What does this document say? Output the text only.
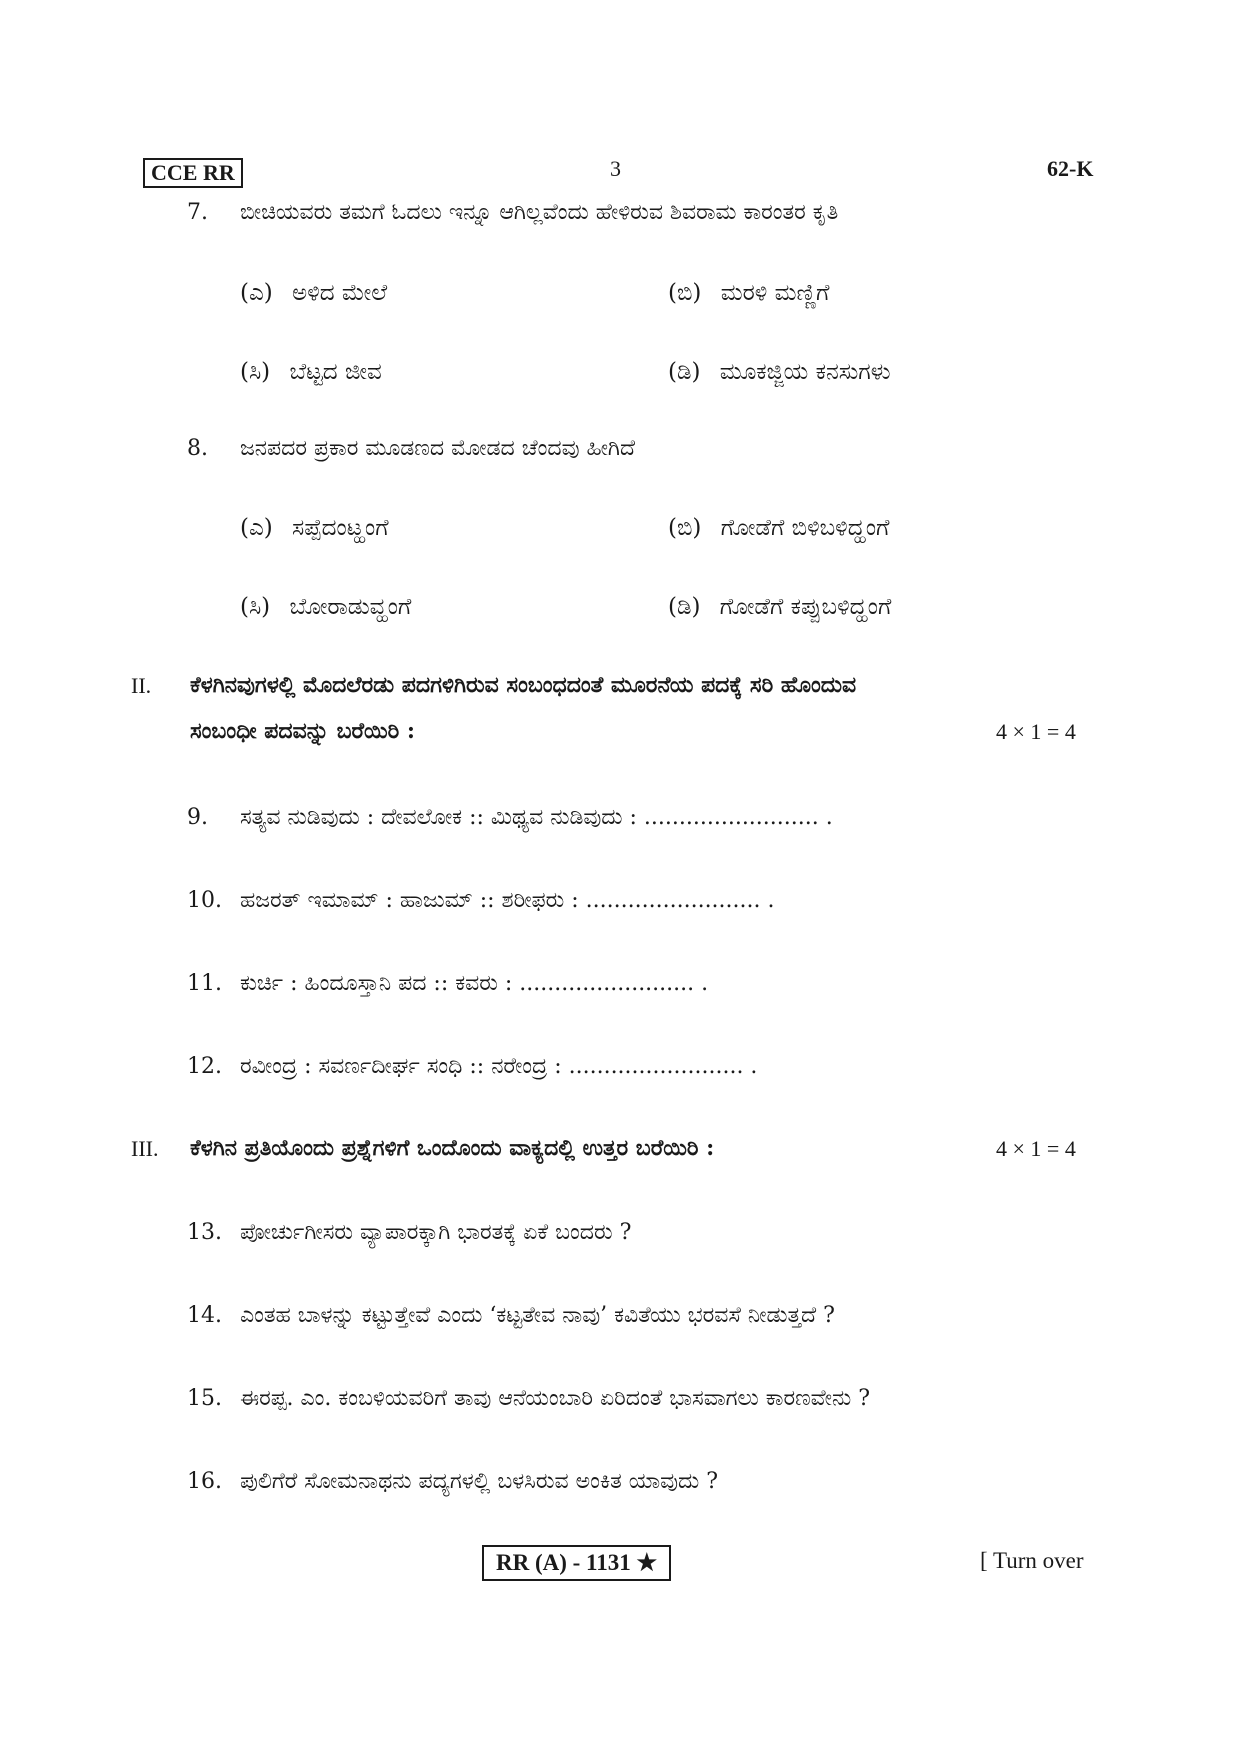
CCE RR	3	62-K
7. ಬೀಚಿಯವರು ತಮಗೆ ಓದಲು ಇನ್ನೂ ಆಗಿಲ್ಲವೆಂದು ಹೇಳಿರುವ ಶಿವರಾಮ ಕಾರಂತರ ಕೃತಿ
(ಎ) ಅಳಿದ ಮೇಲೆ	(ಬಿ) ಮರಳಿ ಮಣ್ಣಿಗೆ
(ಸಿ) ಬೆಟ್ಟದ ಜೀವ	(ಡಿ) ಮೂಕಜ್ಜಿಯ ಕನಸುಗಳು
8. ಜನಪದರ ಪ್ರಕಾರ ಮೂಡಣದ ಮೋಡದ ಚೆಂದವು ಹೀಗಿದೆ
(ಎ) ಸಪ್ಪೆದಂಟ್ಹಂಗೆ	(ಬಿ) ಗೋಡೆಗೆ ಬಿಳಿಬಳಿದ್ಹಂಗೆ
(ಸಿ) ಬೋರಾಡುವ್ಹಂಗೆ	(ಡಿ) ಗೋಡೆಗೆ ಕಪ್ಪುಬಳಿದ್ಹಂಗೆ
II. ಕೆಳಗಿನವುಗಳಲ್ಲಿ ಮೊದಲೆರಡು ಪದಗಳಿಗಿರುವ ಸಂಬಂಧದಂತೆ ಮೂರನೆಯ ಪದಕ್ಕೆ ಸರಿ ಹೊಂದುವ
ಸಂಬಂಧೀ ಪದವನ್ನು ಬರೆಯಿರಿ :	4 × 1 = 4
9. ಸತ್ಯವ ನುಡಿವುದು : ದೇವಲೋಕ :: ಮಿಥ್ಯವ ನುಡಿವುದು : ......................... .
10. ಹಜರತ್ ಇಮಾಮ್ : ಹಾಜುಮ್ :: ಶರೀಫರು : ......................... .
11. ಕುರ್ಚಿ : ಹಿಂದೂಸ್ತಾನಿ ಪದ :: ಕವರು : ......................... .
12. ರವೀಂದ್ರ : ಸವರ್ಣದೀರ್ಘ ಸಂಧಿ :: ನರೇಂದ್ರ : ......................... .
III. ಕೆಳಗಿನ ಪ್ರತಿಯೊಂದು ಪ್ರಶ್ನೆಗಳಿಗೆ ಒಂದೊಂದು ವಾಕ್ಯದಲ್ಲಿ ಉತ್ತರ ಬರೆಯಿರಿ :	4 × 1 = 4
13. ಪೋರ್ಚುಗೀಸರು ವ್ಯಾಪಾರಕ್ಕಾಗಿ ಭಾರತಕ್ಕೆ ಏಕೆ ಬಂದರು ?
14. ಎಂತಹ ಬಾಳನ್ನು ಕಟ್ಟುತ್ತೇವೆ ಎಂದು ‘ಕಟ್ಟತೇವ ನಾವು’ ಕವಿತೆಯು ಭರವಸೆ ನೀಡುತ್ತದೆ ?
15. ಈರಪ್ಪ. ಎಂ. ಕಂಬಳಿಯವರಿಗೆ ತಾವು ಆನೆಯಂಬಾರಿ ಏರಿದಂತೆ ಭಾಸವಾಗಲು ಕಾರಣವೇನು ?
16. ಪುಲಿಗೆರೆ ಸೋಮನಾಥನು ಪದ್ಯಗಳಲ್ಲಿ ಬಳಸಿರುವ ಅಂಕಿತ ಯಾವುದು ?
RR (A) - 1131 ★	[ Turn over
